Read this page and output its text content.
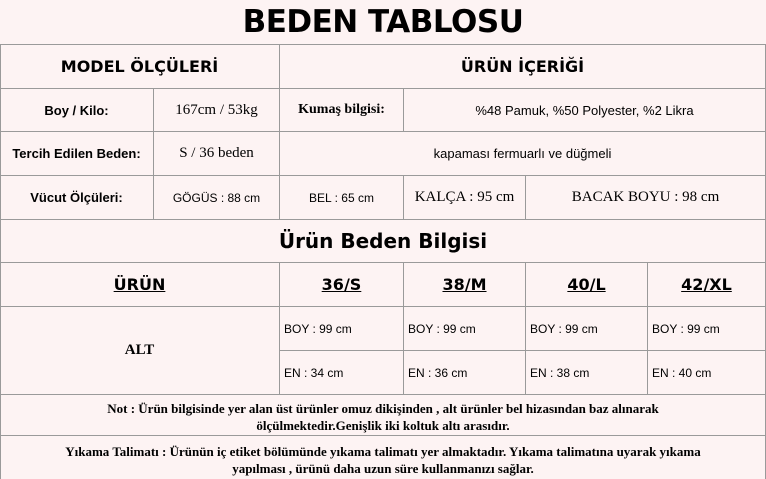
BEDEN TABLOSU
MODEL ÖLÇÜLERİ	ÜRÜN İÇERİĞİ
Boy / Kilo:	167cm / 53kg	Kumaş bilgisi:	%48 Pamuk, %50 Polyester, %2 Likra
Tercih Edilen Beden:	S / 36 beden	kapaması fermuarlı ve düğmeli
Vücut Ölçüleri:	GÖGÜS : 88 cm	BEL : 65 cm	KALÇA : 95 cm	BACAK BOYU : 98 cm
Ürün Beden Bilgisi
ÜRÜN	36/S	38/M	40/L	42/XL
ALT
BOY : 99 cm	BOY : 99 cm	BOY : 99 cm	BOY : 99 cm
EN : 34 cm	EN : 36 cm	EN : 38 cm	EN : 40 cm
Not : Ürün bilgisinde yer alan üst ürünler omuz dikişinden , alt ürünler bel hizasından baz alınarak
ölçülmektedir.Genişlik iki koltuk altı arasıdır.
Yıkama Talimatı : Ürünün iç etiket bölümünde yıkama talimatı yer almaktadır. Yıkama talimatına uyarak yıkama
yapılması , ürünü daha uzun süre kullanmanızı sağlar.
